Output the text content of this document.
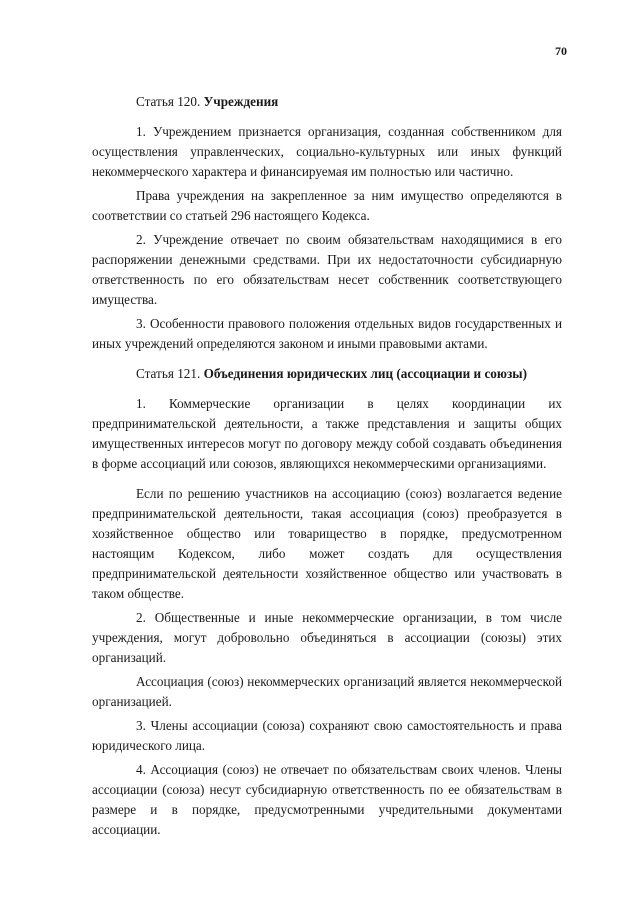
70
Статья 120. Учреждения

1. Учреждением признается организация, созданная собственником для осуществления управленческих, социально-культурных или иных функций некоммерческого характера и финансируемая им полностью или частично.

Права учреждения на закрепленное за ним имущество определяются в соответствии со статьей 296 настоящего Кодекса.

2. Учреждение отвечает по своим обязательствам находящимися в его распоряжении денежными средствами. При их недостаточности субсидиарную ответственность по его обязательствам несет собственник соответствующего имущества.

3. Особенности правового положения отдельных видов государственных и иных учреждений определяются законом и иными правовыми актами.

Статья 121. Объединения юридических лиц (ассоциации и союзы)

1. Коммерческие организации в целях координации их предпринимательской деятельности, а также представления и защиты общих имущественных интересов могут по договору между собой создавать объединения в форме ассоциаций или союзов, являющихся некоммерческими организациями.

Если по решению участников на ассоциацию (союз) возлагается ведение предпринимательской деятельности, такая ассоциация (союз) преобразуется в хозяйственное общество или товарищество в порядке, предусмотренном настоящим Кодексом, либо может создать для осуществления предпринимательской деятельности хозяйственное общество или участвовать в таком обществе.

2. Общественные и иные некоммерческие организации, в том числе учреждения, могут добровольно объединяться в ассоциации (союзы) этих организаций.

Ассоциация (союз) некоммерческих организаций является некоммерческой организацией.

3. Члены ассоциации (союза) сохраняют свою самостоятельность и права юридического лица.

4. Ассоциация (союз) не отвечает по обязательствам своих членов. Члены ассоциации (союза) несут субсидиарную ответственность по ее обязательствам в размере и в порядке, предусмотренными учредительными документами ассоциации.
